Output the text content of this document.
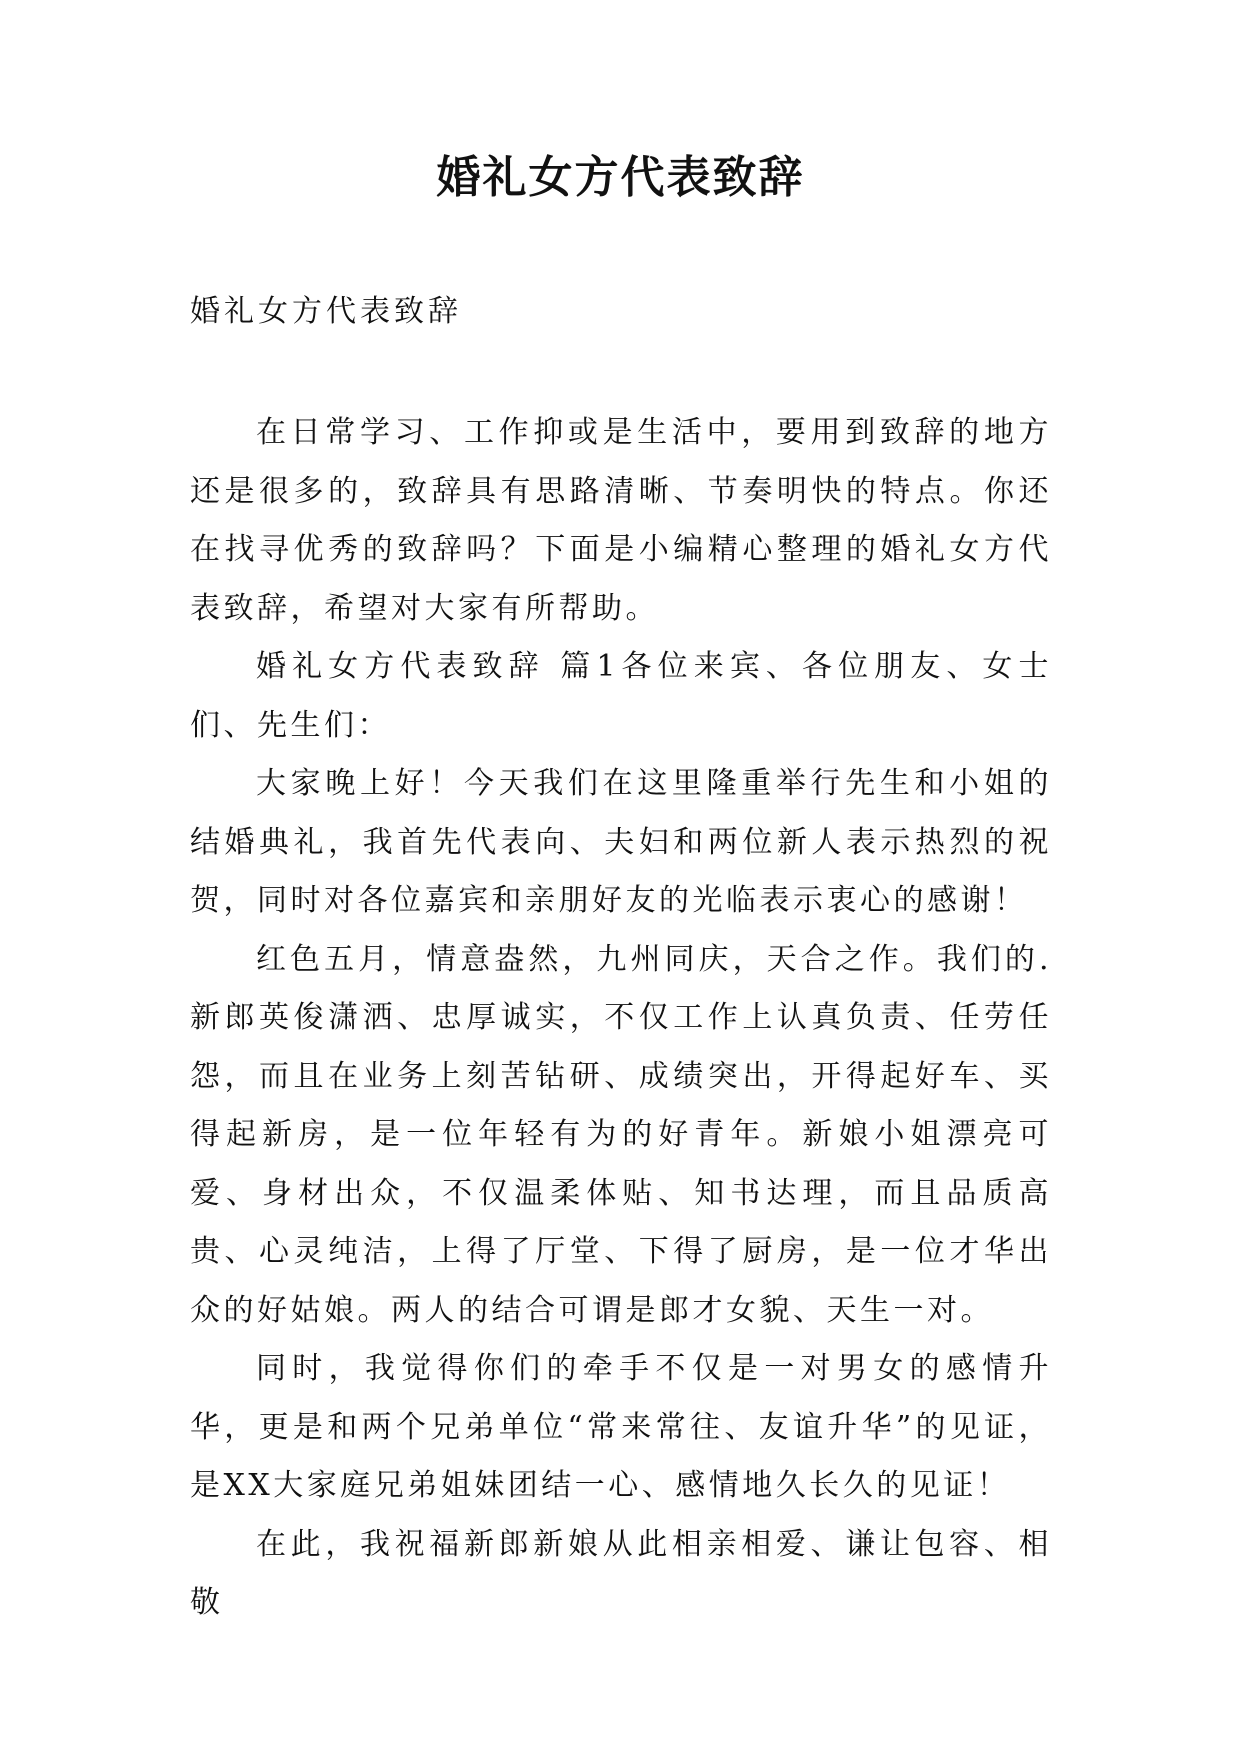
婚礼女方代表致辞

婚礼女方代表致辞

在日常学习、工作抑或是生活中，要用到致辞的地方还是很多的，致辞具有思路清晰、节奏明快的特点。你还在找寻优秀的致辞吗？下面是小编精心整理的婚礼女方代表致辞，希望对大家有所帮助。

婚礼女方代表致辞 篇1各位来宾、各位朋友、女士们、先生们：

大家晚上好！今天我们在这里隆重举行先生和小姐的结婚典礼，我首先代表向、夫妇和两位新人表示热烈的祝贺，同时对各位嘉宾和亲朋好友的光临表示衷心的感谢！

红色五月，情意盎然，九州同庆，天合之作。我们的.新郎英俊潇洒、忠厚诚实，不仅工作上认真负责、任劳任怨，而且在业务上刻苦钻研、成绩突出，开得起好车、买得起新房，是一位年轻有为的好青年。新娘小姐漂亮可爱、身材出众，不仅温柔体贴、知书达理，而且品质高贵、心灵纯洁，上得了厅堂、下得了厨房，是一位才华出众的好姑娘。两人的结合可谓是郎才女貌、天生一对。

同时，我觉得你们的牵手不仅是一对男女的感情升华，更是和两个兄弟单位“常来常往、友谊升华”的见证，是XX大家庭兄弟姐妹团结一心、感情地久长久的见证！

在此，我祝福新郎新娘从此相亲相爱、谦让包容、相敬
